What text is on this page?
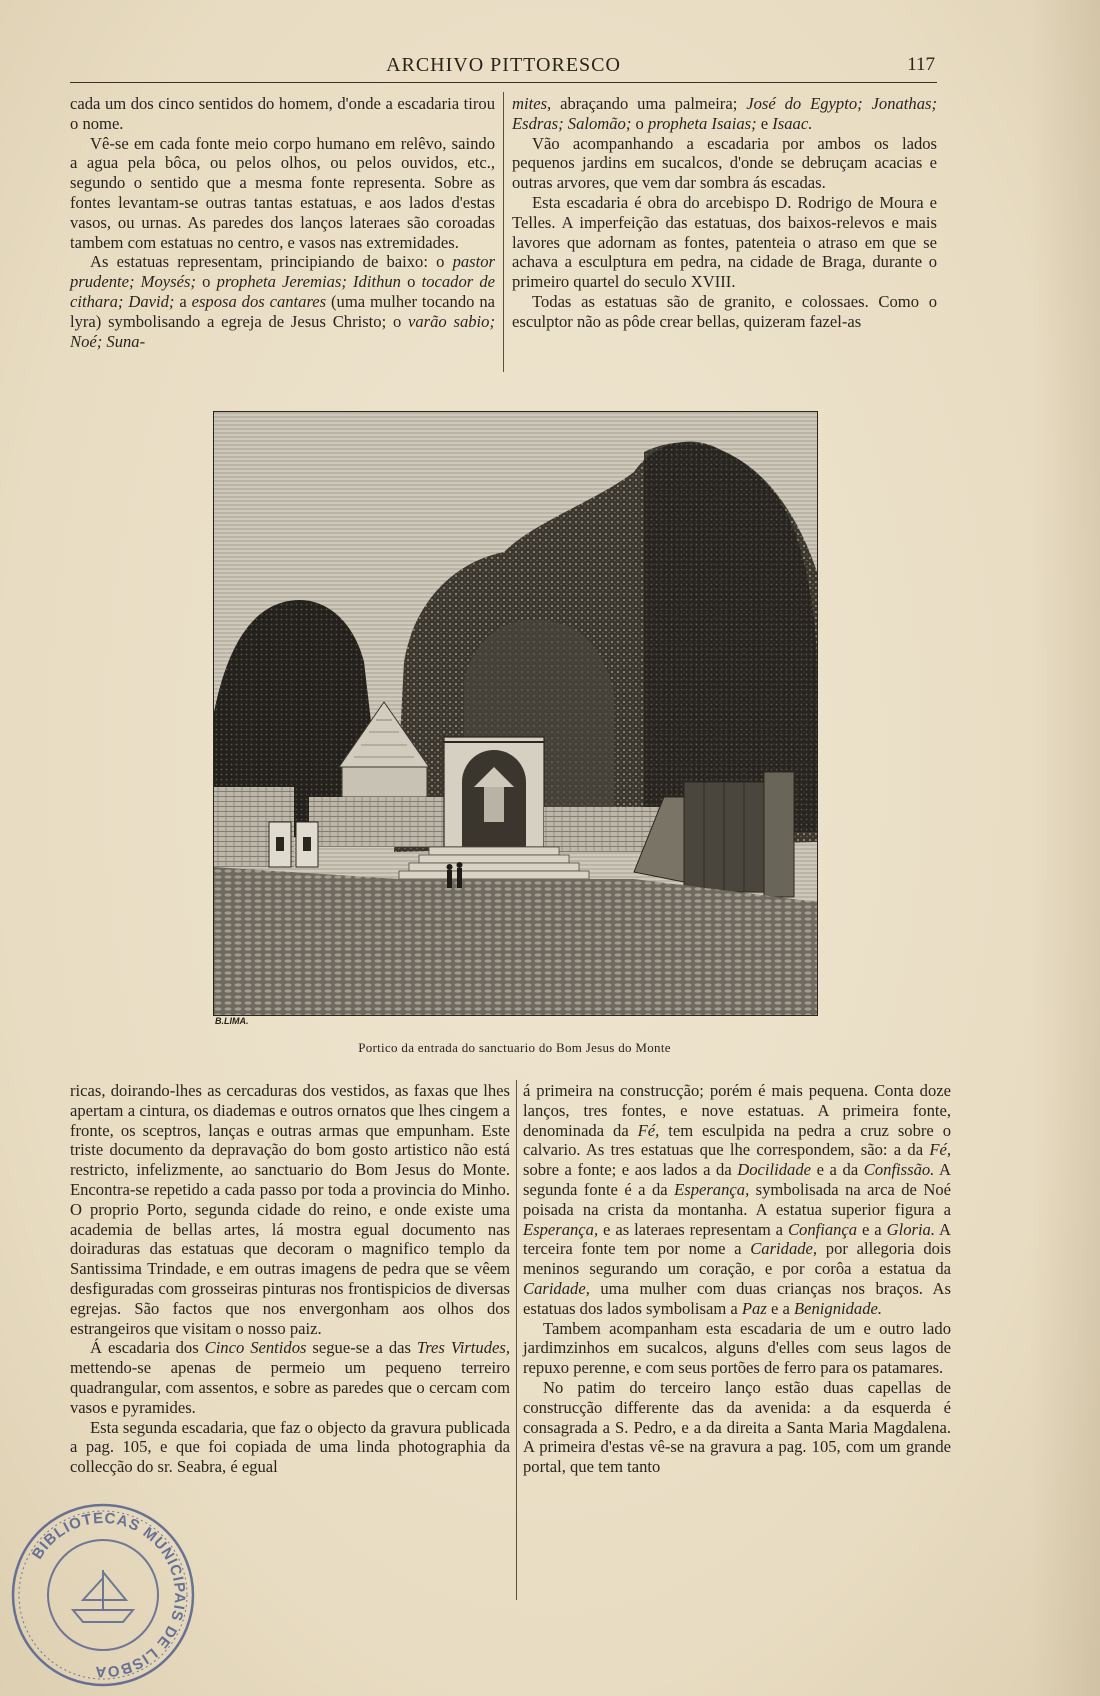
ARCHIVO PITTORESCO	117

cada um dos cinco sentidos do homem, d'onde a escadaria tirou o nome.

Vê-se em cada fonte meio corpo humano em relêvo, saindo a agua pela bôca, ou pelos olhos, ou pelos ouvidos, etc., segundo o sentido que a mesma fonte representa. Sobre as fontes levantam-se outras tantas estatuas, e aos lados d'estas vasos, ou urnas. As paredes dos lanços lateraes são coroadas tambem com estatuas no centro, e vasos nas extremidades.

As estatuas representam, principiando de baixo: o pastor prudente; Moysés; o propheta Jeremias; Idithun o tocador de cithara; David; a esposa dos cantares (uma mulher tocando na lyra) symbolisando a egreja de Jesus Christo; o varão sabio; Noé; Suna-

mites, abraçando uma palmeira; José do Egypto; Jonathas; Esdras; Salomão; o propheta Isaias; e Isaac.

Vão acompanhando a escadaria por ambos os lados pequenos jardins em sucalcos, d'onde se debruçam acacias e outras arvores, que vem dar sombra ás escadas.

Esta escadaria é obra do arcebispo D. Rodrigo de Moura e Telles. A imperfeição das estatuas, dos baixos-relevos e mais lavores que adornam as fontes, patenteia o atraso em que se achava a esculptura em pedra, na cidade de Braga, durante o primeiro quartel do seculo XVIII.

Todas as estatuas são de granito, e colossaes. Como o esculptor não as pôde crear bellas, quizeram fazel-as

B.LIMA.
Portico da entrada do sanctuario do Bom Jesus do Monte

ricas, doirando-lhes as cercaduras dos vestidos, as faxas que lhes apertam a cintura, os diademas e outros ornatos que lhes cingem a fronte, os sceptros, lanças e outras armas que empunham. Este triste documento da depravação do bom gosto artistico não está restricto, infelizmente, ao sanctuario do Bom Jesus do Monte. Encontra-se repetido a cada passo por toda a provincia do Minho. O proprio Porto, segunda cidade do reino, e onde existe uma academia de bellas artes, lá mostra egual documento nas doiraduras das estatuas que decoram o magnifico templo da Santissima Trindade, e em outras imagens de pedra que se vêem desfiguradas com grosseiras pinturas nos frontispicios de diversas egrejas. São factos que nos envergonham aos olhos dos estrangeiros que visitam o nosso paiz.

Á escadaria dos Cinco Sentidos segue-se a das Tres Virtudes, mettendo-se apenas de permeio um pequeno terreiro quadrangular, com assentos, e sobre as paredes que o cercam com vasos e pyramides.

Esta segunda escadaria, que faz o objecto da gravura publicada a pag. 105, e que foi copiada de uma linda photographia da collecção do sr. Seabra, é egual

á primeira na construcção; porém é mais pequena. Conta doze lanços, tres fontes, e nove estatuas. A primeira fonte, denominada da Fé, tem esculpida na pedra a cruz sobre o calvario. As tres estatuas que lhe correspondem, são: a da Fé, sobre a fonte; e aos lados a da Docilidade e a da Confissão. A segunda fonte é a da Esperança, symbolisada na arca de Noé poisada na crista da montanha. A estatua superior figura a Esperança, e as lateraes representam a Confiança e a Gloria. A terceira fonte tem por nome a Caridade, por allegoria dois meninos segurando um coração, e por corôa a estatua da Caridade, uma mulher com duas crianças nos braços. As estatuas dos lados symbolisam a Paz e a Benignidade.

Tambem acompanham esta escadaria de um e outro lado jardimzinhos em sucalcos, alguns d'elles com seus lagos de repuxo perenne, e com seus portões de ferro para os patamares.

No patim do terceiro lanço estão duas capellas de construcção differente das da avenida: a da esquerda é consagrada a S. Pedro, e a da direita a Santa Maria Magdalena. A primeira d'estas vê-se na gravura a pag. 105, com um grande portal, que tem tanto

BIBLIOTECAS MUNICIPAIS DE LISBOA
